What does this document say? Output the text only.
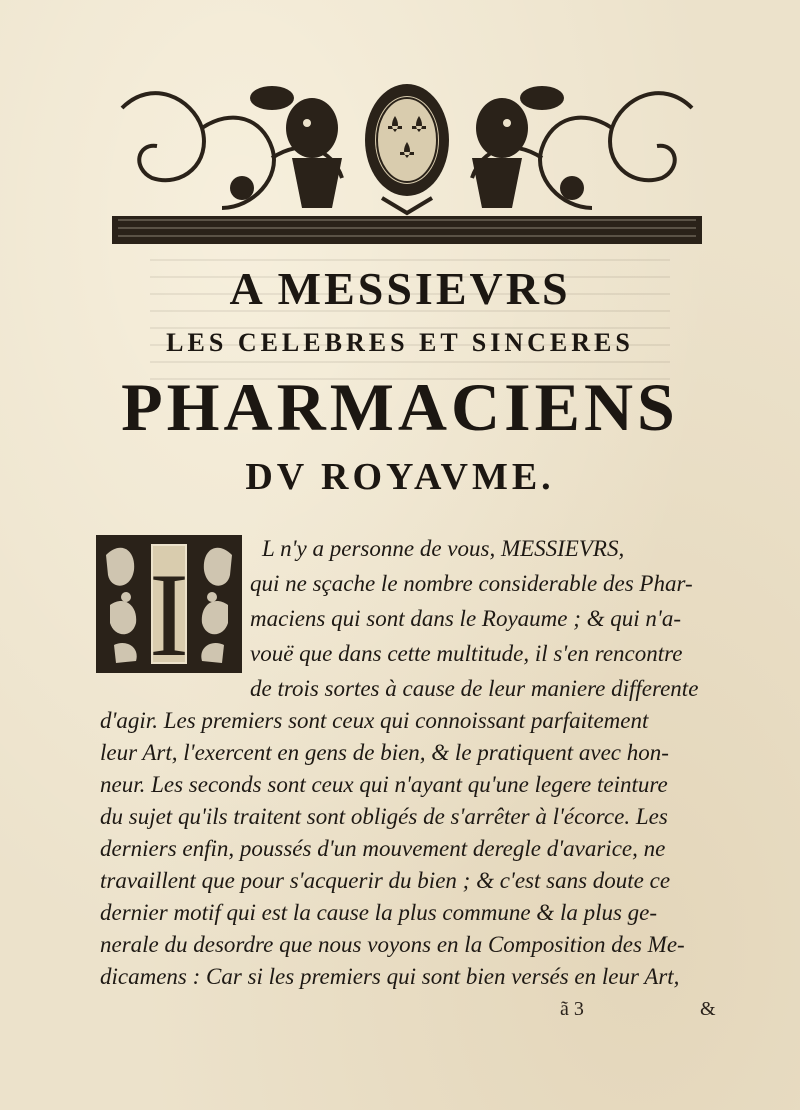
A MESSIEVRS
LES CELEBRES ET SINCERES
PHARMACIENS
DV ROYAVME.
I	L n'y a personne de vous, MESSIEVRS,

qui ne sçache le nombre considerable des Phar-

maciens qui sont dans le Royaume ; & qui n'a-

vouë que dans cette multitude, il s'en rencontre

de trois sortes à cause de leur maniere differente

d'agir. Les premiers sont ceux qui connoissant parfaitement

leur Art, l'exercent en gens de bien, & le pratiquent avec hon-

neur. Les seconds sont ceux qui n'ayant qu'une legere teinture

du sujet qu'ils traitent sont obligés de s'arrêter à l'écorce. Les

derniers enfin, poussés d'un mouvement deregle d'avarice, ne

travaillent que pour s'acquerir du bien ; & c'est sans doute ce

dernier motif qui est la cause la plus commune & la plus ge-

nerale du desordre que nous voyons en la Composition des Me-

dicamens : Car si les premiers qui sont bien versés en leur Art,

ã 3	&
